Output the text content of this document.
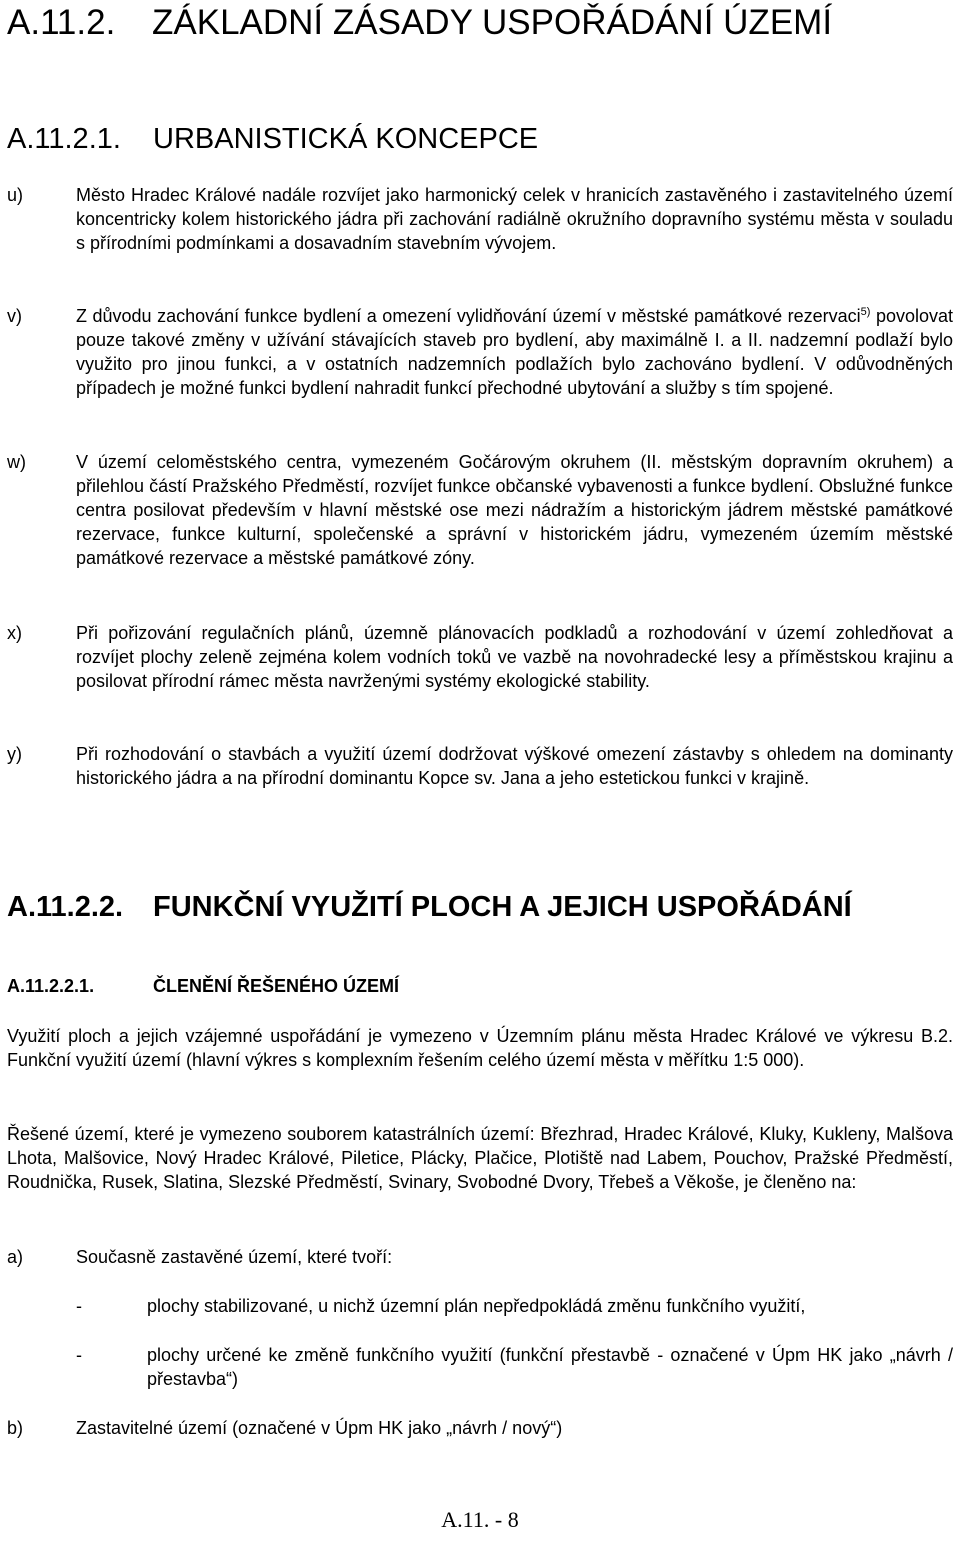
A.11.2. ZÁKLADNÍ ZÁSADY USPOŘÁDÁNÍ ÚZEMÍ
A.11.2.1. URBANISTICKÁ KONCEPCE
u)	Město Hradec Králové nadále rozvíjet jako harmonický celek v hranicích zastavěného i zastavitelného území koncentricky kolem historického jádra při zachování radiálně okružního dopravního systému města v souladu s přírodními podmínkami a dosavadním stavebním vývojem.
v)	Z důvodu zachování funkce bydlení a omezení vylidňování území v městské památkové rezervaci$^{5)}$ povolovat pouze takové změny v užívání stávajících staveb pro bydlení, aby maximálně I. a II. nadzemní podlaží bylo využito pro jinou funkci, a v ostatních nadzemních podlažích bylo zachováno bydlení. V odůvodněných případech je možné funkci bydlení nahradit funkcí přechodné ubytování a služby s tím spojené.
w)	V území celoměstského centra, vymezeném Gočárovým okruhem (II. městským dopravním okruhem) a přilehlou částí Pražského Předměstí, rozvíjet funkce občanské vybavenosti a funkce bydlení. Obslužné funkce centra posilovat především v hlavní městské ose mezi nádražím a historickým jádrem městské památkové rezervace, funkce kulturní, společenské a správní v historickém jádru, vymezeném územím městské památkové rezervace a městské památkové zóny.
x)	Při pořizování regulačních plánů, územně plánovacích podkladů a rozhodování v území zohledňovat a rozvíjet plochy zeleně zejména kolem vodních toků ve vazbě na novohradecké lesy a příměstskou krajinu a posilovat přírodní rámec města navrženými systémy ekologické stability.
y)	Při rozhodování o stavbách a využití území dodržovat výškové omezení zástavby s ohledem na dominanty historického jádra a na přírodní dominantu Kopce sv. Jana a jeho estetickou funkci v krajině.
A.11.2.2. FUNKČNÍ VYUŽITÍ PLOCH A JEJICH USPOŘÁDÁNÍ
A.11.2.2.1.	ČLENĚNÍ ŘEŠENÉHO ÚZEMÍ
Využití ploch a jejich vzájemné uspořádání je vymezeno v Územním plánu města Hradec Králové ve výkresu B.2. Funkční využití území (hlavní výkres s komplexním řešením celého území města v měřítku 1:5 000).
Řešené území, které je vymezeno souborem katastrálních území: Březhrad, Hradec Králové, Kluky, Kukleny, Malšova Lhota, Malšovice, Nový Hradec Králové, Piletice, Plácky, Plačice, Plotiště nad Labem, Pouchov, Pražské Předměstí, Roudnička, Rusek, Slatina, Slezské Předměstí, Svinary, Svobodné Dvory, Třebeš a Věkoše, je členěno na:
a)	Současně zastavěné území, které tvoří:
-	plochy stabilizované, u nichž územní plán nepředpokládá změnu funkčního využití,
-	plochy určené ke změně funkčního využití (funkční přestavbě - označené v Úpm HK jako „návrh / přestavba“)
b)	Zastavitelné území (označené v Úpm HK jako „návrh / nový“)
A.11. - 8
